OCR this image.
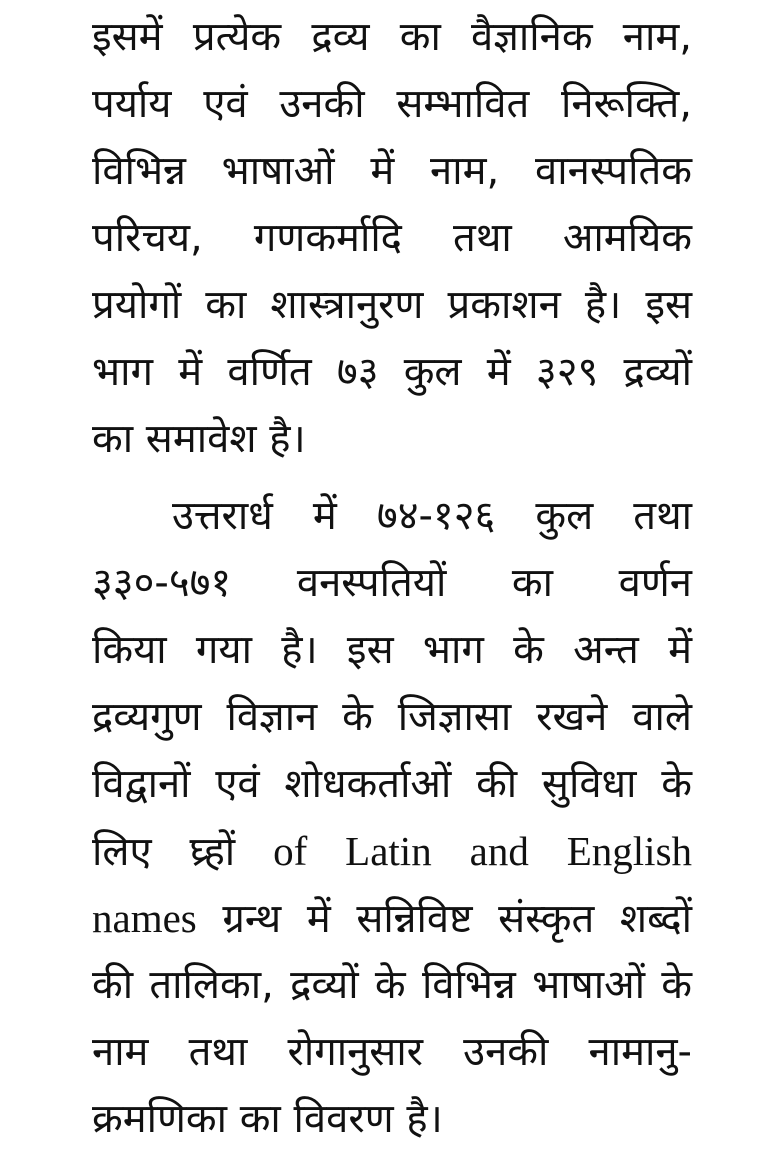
इसमें प्रत्येक द्रव्य का वैज्ञानिक नाम,
पर्याय एवं उनकी सम्भावित निरूक्ति,
विभिन्न भाषाओं में नाम, वानस्पतिक
परिचय, गणकर्मादि तथा आमयिक
प्रयोगों का शास्त्रानुरण प्रकाशन है। इस
भाग में वर्णित ७३ कुल में ३२९ द्रव्यों
का समावेश है।

उत्तरार्ध में ७४-१२६ कुल तथा
३३०-५७१ वनस्पतियों का वर्णन
किया गया है। इस भाग के अन्त में
द्रव्यगुण विज्ञान के जिज्ञासा रखने वाले
विद्वानों एवं शोधकर्ताओं की सुविधा के
लिए घ्र्हों of Latin and English
names ग्रन्थ में सन्निविष्ट संस्कृत शब्दों
की तालिका, द्रव्यों के विभिन्न भाषाओं के
नाम तथा रोगानुसार उनकी नामानु-
क्रमणिका का विवरण है।
